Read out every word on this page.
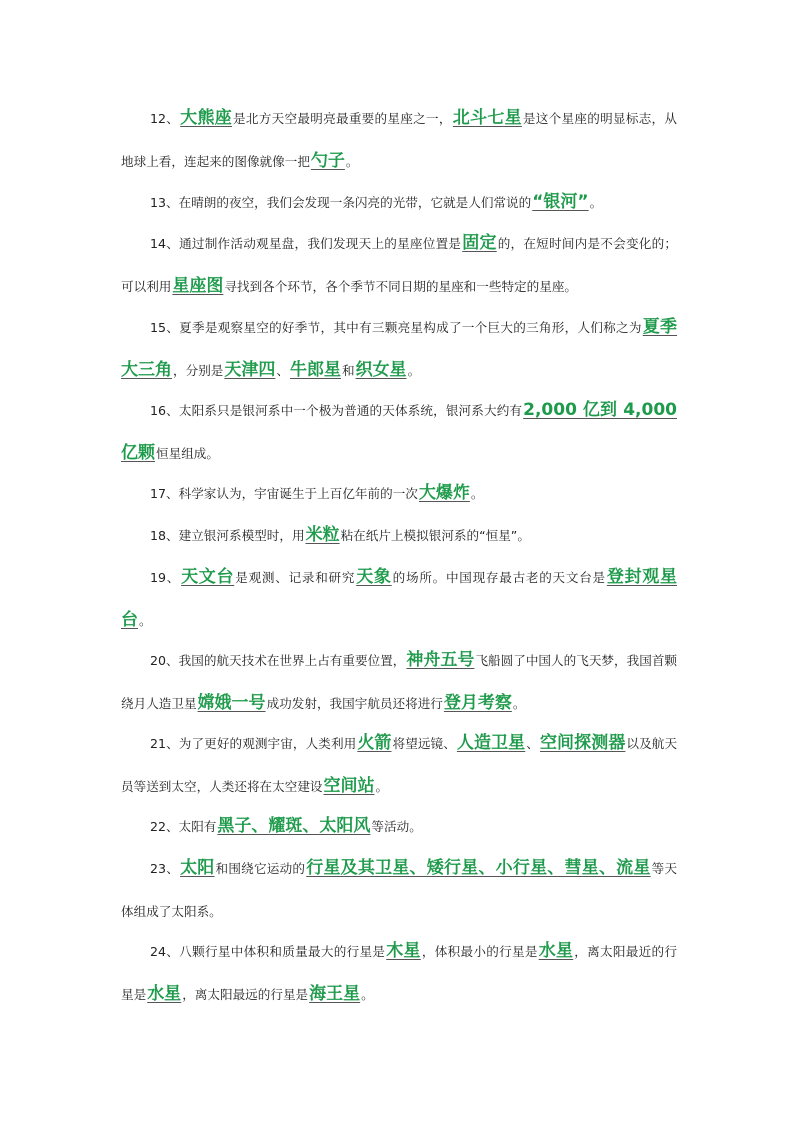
12、大熊座是北方天空最明亮最重要的星座之一，北斗七星是这个星座的明显标志，从地球上看，连起来的图像就像一把勺子。

13、在晴朗的夜空，我们会发现一条闪亮的光带，它就是人们常说的“银河”。

14、通过制作活动观星盘，我们发现天上的星座位置是固定的，在短时间内是不会变化的；可以利用星座图寻找到各个环节，各个季节不同日期的星座和一些特定的星座。

15、夏季是观察星空的好季节，其中有三颗亮星构成了一个巨大的三角形，人们称之为夏季大三角，分别是天津四、牛郎星和织女星。

16、太阳系只是银河系中一个极为普通的天体系统，银河系大约有2,000 亿到 4,000 亿颗恒星组成。

17、科学家认为，宇宙诞生于上百亿年前的一次大爆炸。

18、建立银河系模型时，用米粒粘在纸片上模拟银河系的“恒星”。

19、天文台是观测、记录和研究天象的场所。中国现存最古老的天文台是登封观星台。

20、我国的航天技术在世界上占有重要位置，神舟五号飞船圆了中国人的飞天梦，我国首颗绕月人造卫星嫦娥一号成功发射，我国宇航员还将进行登月考察。

21、为了更好的观测宇宙，人类利用火箭将望远镜、人造卫星、空间探测器以及航天员等送到太空，人类还将在太空建设空间站。

22、太阳有黑子、耀斑、太阳风等活动。

23、太阳和围绕它运动的行星及其卫星、矮行星、小行星、彗星、流星等天体组成了太阳系。

24、八颗行星中体积和质量最大的行星是木星，体积最小的行星是水星，离太阳最近的行星是水星，离太阳最远的行星是海王星。
